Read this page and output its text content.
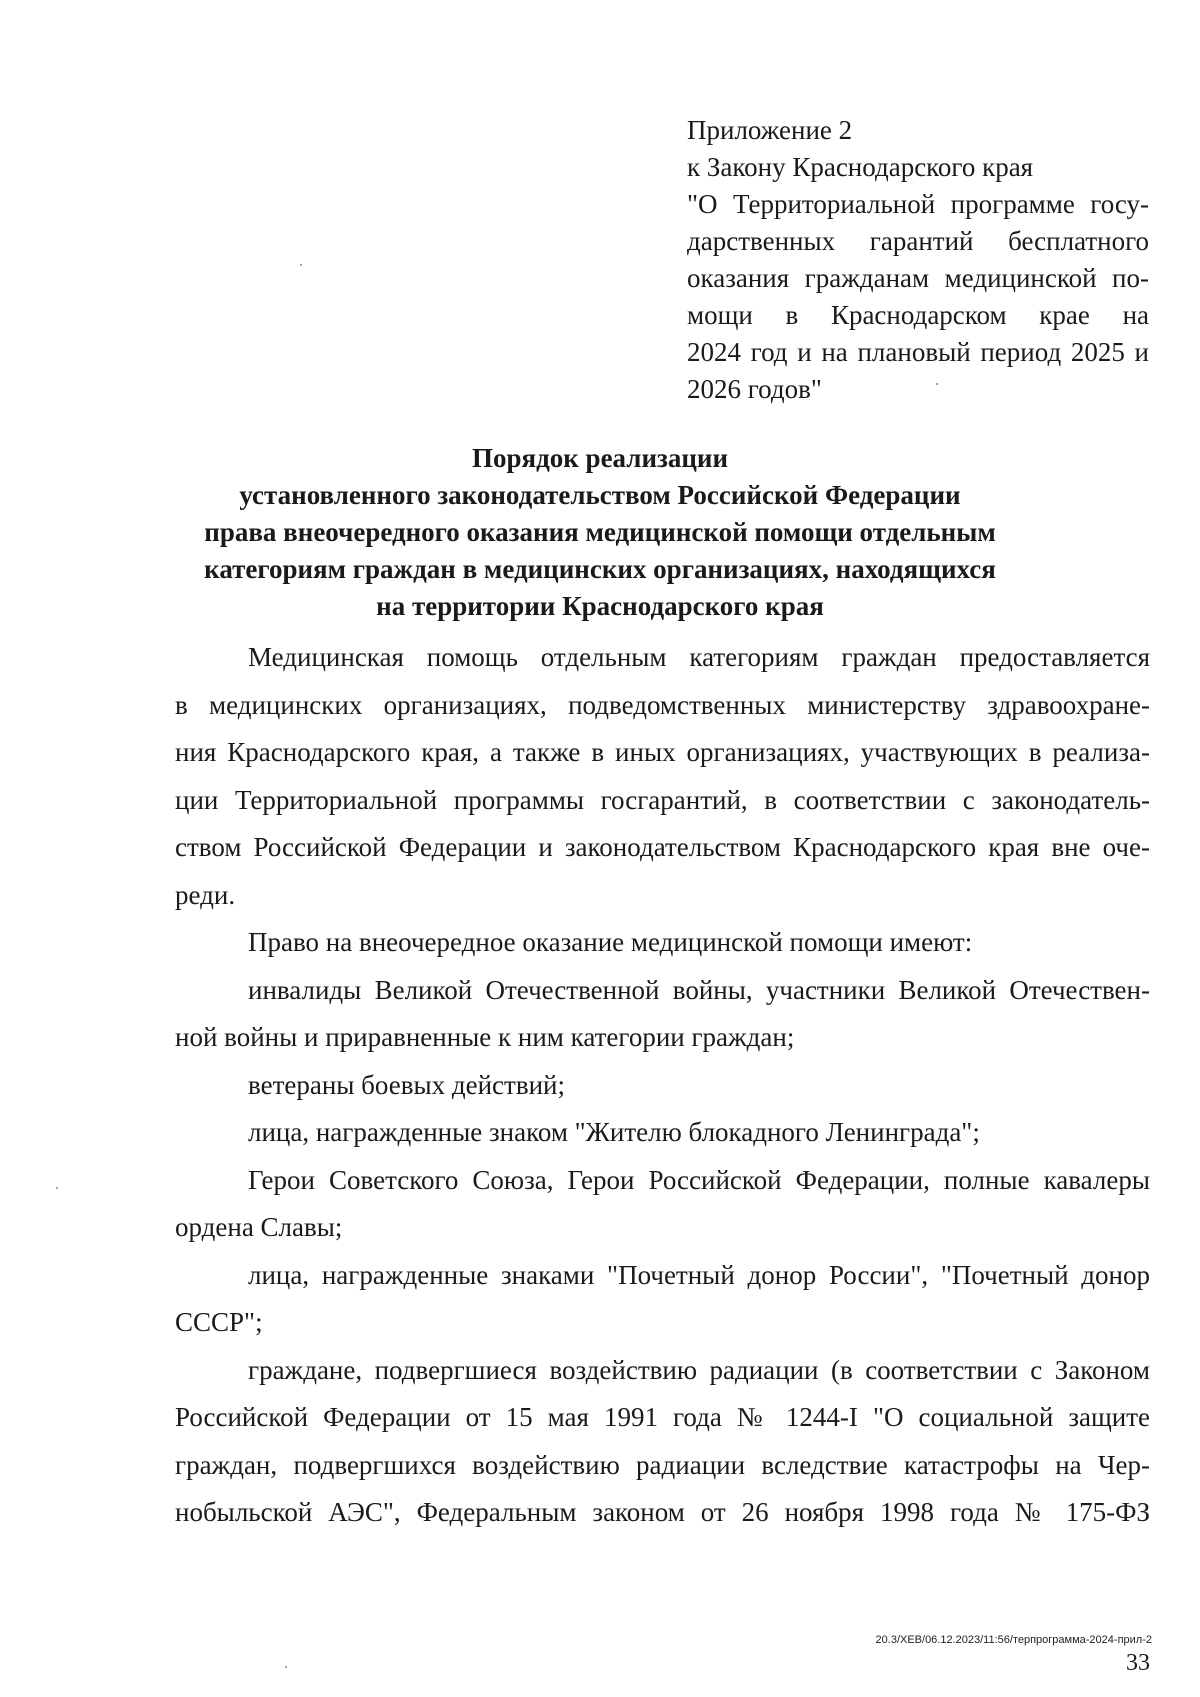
Приложение 2
к Закону Краснодарского края
"О Территориальной программе госу-
дарственных гарантий бесплатного
оказания гражданам медицинской по-
мощи в Краснодарском крае на
2024 год и на плановый период 2025 и
2026 годов"
Порядок реализации
установленного законодательством Российской Федерации
права внеочередного оказания медицинской помощи отдельным
категориям граждан в медицинских организациях, находящихся
на территории Краснодарского края
Медицинская помощь отдельным категориям граждан предоставляется
в медицинских организациях, подведомственных министерству здравоохране-
ния Краснодарского края, а также в иных организациях, участвующих в реализа-
ции Территориальной программы госгарантий, в соответствии с законодатель-
ством Российской Федерации и законодательством Краснодарского края вне оче-
реди.
Право на внеочередное оказание медицинской помощи имеют:
инвалиды Великой Отечественной войны, участники Великой Отечествен-
ной войны и приравненные к ним категории граждан;
ветераны боевых действий;
лица, награжденные знаком "Жителю блокадного Ленинграда";
Герои Советского Союза, Герои Российской Федерации, полные кавалеры
ордена Славы;
лица, награжденные знаками "Почетный донор России", "Почетный донор
СССР";
граждане, подвергшиеся воздействию радиации (в соответствии с Законом
Российской Федерации от 15 мая 1991 года № 1244-I "О социальной защите
граждан, подвергшихся воздействию радиации вследствие катастрофы на Чер-
нобыльской АЭС", Федеральным законом от 26 ноября 1998 года № 175-ФЗ
20.3/ХЕВ/06.12.2023/11:56/терпрограмма-2024-прил-2
33
